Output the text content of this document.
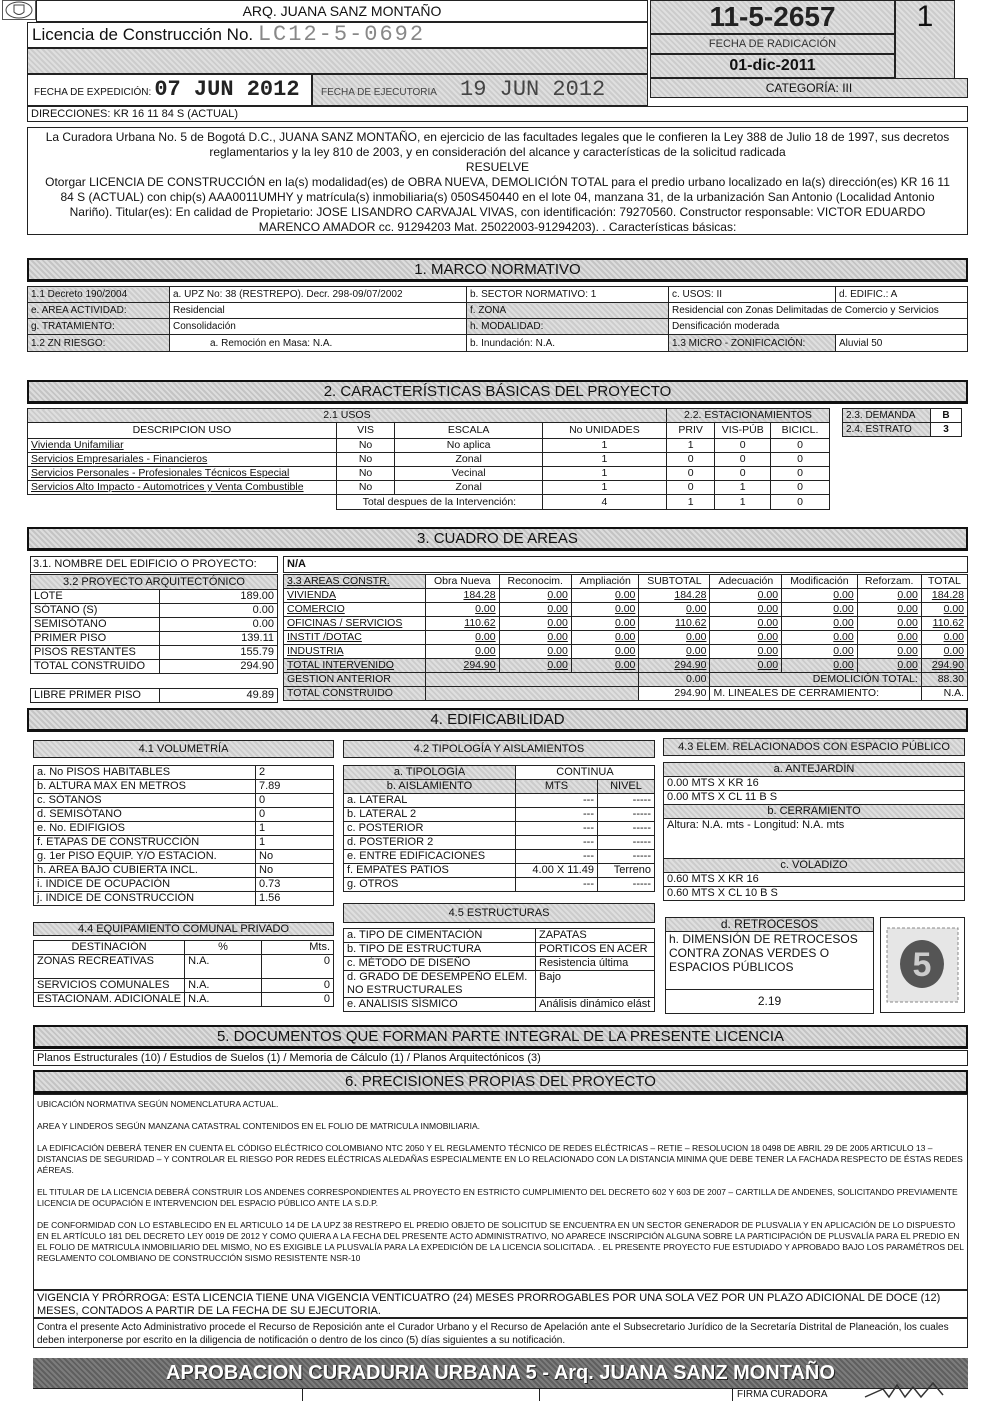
ARQ. JUANA SANZ MONTAÑO
Licencia de Construcción No. LC12-5-0692
11-5-2657	1
FECHA DE RADICACIÓN
01-dic-2011
CATEGORÍA: III
FECHA DE EXPEDICIÓN: 07 JUN 2012	FECHA DE EJECUTORIA 19 JUN 2012
DIRECCIONES: KR 16 11 84 S (ACTUAL)
La Curadora Urbana No. 5 de Bogotá D.C., JUANA SANZ MONTAÑO, en ejercicio de las facultades legales que le confieren la Ley 388 de Julio 18 de 1997, sus decretos reglamentarios y la ley 810 de 2003, y en consideración del alcance y características de la solicitud radicada
RESUELVE
Otorgar LICENCIA DE CONSTRUCCIÓN en la(s) modalidad(es) de OBRA NUEVA, DEMOLICIÓN TOTAL para el predio urbano localizado en la(s) dirección(es) KR 16 11 84 S (ACTUAL) con chip(s) AAA0011UMHY y matrícula(s) inmobiliaria(s) 050S450440 en el lote 04, manzana 31, de la urbanización San Antonio (Localidad Antonio Nariño). Titular(es): En calidad de Propietario: JOSE LISANDRO CARVAJAL VIVAS, con identificación: 79270560. Constructor responsable: VICTOR EDUARDO MARENCO AMADOR cc. 91294203 Mat. 25022003-91294203). . Características básicas:
1. MARCO NORMATIVO
1.1 Decreto 190/2004	a. UPZ No: 38 (RESTREPO). Decr. 298-09/07/2002	b. SECTOR NORMATIVO: 1	c. USOS: II	d. EDIFIC.: A
e. AREA ACTIVIDAD:	Residencial	f. ZONA	Residencial con Zonas Delimitadas de Comercio y Servicios	
g. TRATAMIENTO:	Consolidación	h. MODALIDAD:	Densificación moderada	
1.2 ZN RIESGO:	a. Remoción en Masa: N.A.	b. Inundación: N.A.	1.3 MICRO - ZONIFICACIÓN:	Aluvial 50
2. CARACTERÍSTICAS BÁSICAS DEL PROYECTO
2.1 USOS				2.2. ESTACIONAMIENTOS		
DESCRIPCION USO	VIS	ESCALA	No UNIDADES	PRIV	VIS-PÚB	BICICL.
Vivienda Unifamiliar	No	No aplica	1	1	0	0
Servicios Empresariales - Financieros	No	Zonal	1	0	0	0
Servicios Personales - Profesionales Técnicos Especial	No	Vecinal	1	0	0	0
Servicios Alto Impacto - Automotrices y Venta Combustible	No	Zonal	1	0	1	0
	Total despues de la Intervención:		4	1	1	0
2.3. DEMANDA	B
2.4. ESTRATO	3
3. CUADRO DE AREAS
3.1. NOMBRE DEL EDIFICIO O PROYECTO:	N/A
3.2 PROYECTO ARQUITECTÓNICO	
LOTE	189.00
SÓTANO (S)	0.00
SEMISÓTANO	0.00
PRIMER PISO	139.11
PISOS RESTANTES	155.79
TOTAL CONSTRUIDO	294.90
LIBRE PRIMER PISO	49.89
3.3 AREAS CONSTR.	Obra Nueva	Reconocim.	Ampliación	SUBTOTAL	Adecuación	Modificación	Reforzam.	TOTAL
VIVIENDA	184.28	0.00	0.00	184.28	0.00	0.00	0.00	184.28
COMERCIO	0.00	0.00	0.00	0.00	0.00	0.00	0.00	0.00
OFICINAS / SERVICIOS	110.62	0.00	0.00	110.62	0.00	0.00	0.00	110.62
INSTIT /DOTAC	0.00	0.00	0.00	0.00	0.00	0.00	0.00	0.00
INDUSTRIA	0.00	0.00	0.00	0.00	0.00	0.00	0.00	0.00
TOTAL INTERVENIDO	294.90	0.00	0.00	294.90	0.00	0.00	0.00	294.90
GESTION ANTERIOR				0.00	DEMOLICIÓN TOTAL:			88.30
TOTAL CONSTRUIDO				294.90	M. LINEALES DE CERRAMIENTO:			N.A.
4. EDIFICABILIDAD
4.1 VOLUMETRÍA
a. No PISOS HABITABLES	2
b. ALTURA MAX EN METROS	7.89
c. SÓTANOS	0
d. SEMISÓTANO	0
e. No. EDIFIGIOS	1
f. ETAPAS DE CONSTRUCCIÓN	1
g. 1er PISO EQUIP. Y/O ESTACION.	No
h. AREA BAJO CUBIERTA INCL.	No
i. INDICE DE OCUPACIÓN	0.73
j. INDICE DE CONSTRUCCIÓN	1.56
4.2 TIPOLOGÍA Y AISLAMIENTOS
a. TIPOLOGÍA	CONTINUA	
b. AISLAMIENTO	MTS	NIVEL
a. LATERAL	---	-----
b. LATERAL 2	---	-----
c. POSTERIOR	---	-----
d. POSTERIOR 2	---	-----
e. ENTRE EDIFICACIONES	---	-----
f. EMPATES PATIOS	4.00 X 11.49	Terreno
g. OTROS	---	-----
4.5 ESTRUCTURAS
a. TIPO DE CIMENTACIÓN	ZAPATAS
b. TIPO DE ESTRUCTURA	PORTICOS EN ACER
c. MÉTODO DE DISEÑO	Resistencia última
d. GRADO DE DESEMPEÑO ELEM. NO ESTRUCTURALES	Bajo
e. ANALISIS SÍSMICO	Análisis dinámico elást
4.4 EQUIPAMIENTO COMUNAL PRIVADO
DESTINACIÓN	%	Mts.
ZONAS RECREATIVAS	N.A.	0
SERVICIOS COMUNALES	N.A.	0
ESTACIONAM. ADICIONALE	N.A.	0
4.3 ELEM. RELACIONADOS CON ESPACIO PÚBLICO
a. ANTEJARDÍN
0.00 MTS X KR 16
0.00 MTS X CL 11 B S
b. CERRAMIENTO
Altura: N.A. mts - Longitud: N.A. mts
c. VOLADIZO
0.60 MTS X KR 16
0.60 MTS X CL 10 B S
d. RETROCESOS
h. DIMENSIÓN DE RETROCESOS CONTRA ZONAS VERDES O ESPACIOS PÚBLICOS
2.19
5
5. DOCUMENTOS QUE FORMAN PARTE INTEGRAL DE LA PRESENTE LICENCIA
Planos Estructurales (10) / Estudios de Suelos (1) / Memoria de Cálculo (1) / Planos Arquitectónicos (3)
6. PRECISIONES PROPIAS DEL PROYECTO
UBICACIÓN NORMATIVA SEGÚN NOMENCLATURA ACTUAL.

AREA Y LINDEROS SEGÚN MANZANA CATASTRAL CONTENIDOS EN EL FOLIO DE MATRICULA INMOBILIARIA.

LA EDIFICACIÓN DEBERÁ TENER EN CUENTA EL CÓDIGO ELÉCTRICO COLOMBIANO NTC 2050 Y EL REGLAMENTO TÉCNICO DE REDES ELÉCTRICAS – RETIE – RESOLUCION 18 0498 DE ABRIL 29 DE 2005 ARTICULO 13 – DISTANCIAS DE SEGURIDAD – Y CONTROLAR EL RIESGO POR REDES ELÉCTRICAS ALEDAÑAS ESPECIALMENTE EN LO RELACIONADO CON LA DISTANCIA MINIMA QUE DEBE TENER LA FACHADA RESPECTO DE ÉSTAS REDES AÉREAS.

EL TITULAR DE LA LICENCIA DEBERÁ CONSTRUIR LOS ANDENES CORRESPONDIENTES AL PROYECTO EN ESTRICTO CUMPLIMIENTO DEL DECRETO 602 Y 603 DE 2007 – CARTILLA DE ANDENES, SOLICITANDO PREVIAMENTE LICENCIA DE OCUPACIÓN E INTERVENCION DEL ESPACIO PÚBLICO ANTE LA S.D.P.

DE CONFORMIDAD CON LO ESTABLECIDO EN EL ARTICULO 14 DE LA UPZ 38 RESTREPO EL PREDIO OBJETO DE SOLICITUD SE ENCUENTRA EN UN SECTOR GENERADOR DE PLUSVALIA Y EN APLICACIÓN DE LO DISPUESTO EN EL ARTÍCULO 181 DEL DECRETO LEY 0019 DE 2012 Y COMO QUIERA A LA FECHA DEL PRESENTE ACTO ADMINISTRATIVO, NO APARECE INSCRIPCIÓN ALGUNA SOBRE LA PARTICIPACIÓN DE PLUSVALÍA PARA EL PREDIO EN EL FOLIO DE MATRICULA INMOBILIARIO DEL MISMO, NO ES EXIGIBLE LA PLUSVALÍA PARA LA EXPEDICIÓN DE LA LICENCIA SOLICITADA. . EL PRESENTE PROYECTO FUE ESTUDIADO Y APROBADO BAJO LOS PARAMÉTROS DEL REGLAMENTO COLOMBIANO DE CONSTRUCCIÓN SISMO RESISTENTE NSR-10
VIGENCIA Y PRÓRROGA: ESTA LICENCIA TIENE UNA VIGENCIA VENTICUATRO (24) MESES PRORROGABLES POR UNA SOLA VEZ POR UN PLAZO ADICIONAL DE DOCE (12) MESES, CONTADOS A PARTIR DE LA FECHA DE SU EJECUTORIA.
Contra el presente Acto Administrativo procede el Recurso de Reposición ante el Curador Urbano y el Recurso de Apelación ante el Subsecretario Jurídico de la Secretaría Distrital de Planeación, los cuales deben interponerse por escrito en la diligencia de notificación o dentro de los cinco (5) días siguientes a su notificación.
APROBACION CURADURIA URBANA 5 - Arq. JUANA SANZ MONTAÑO
FIRMA CURADORA
